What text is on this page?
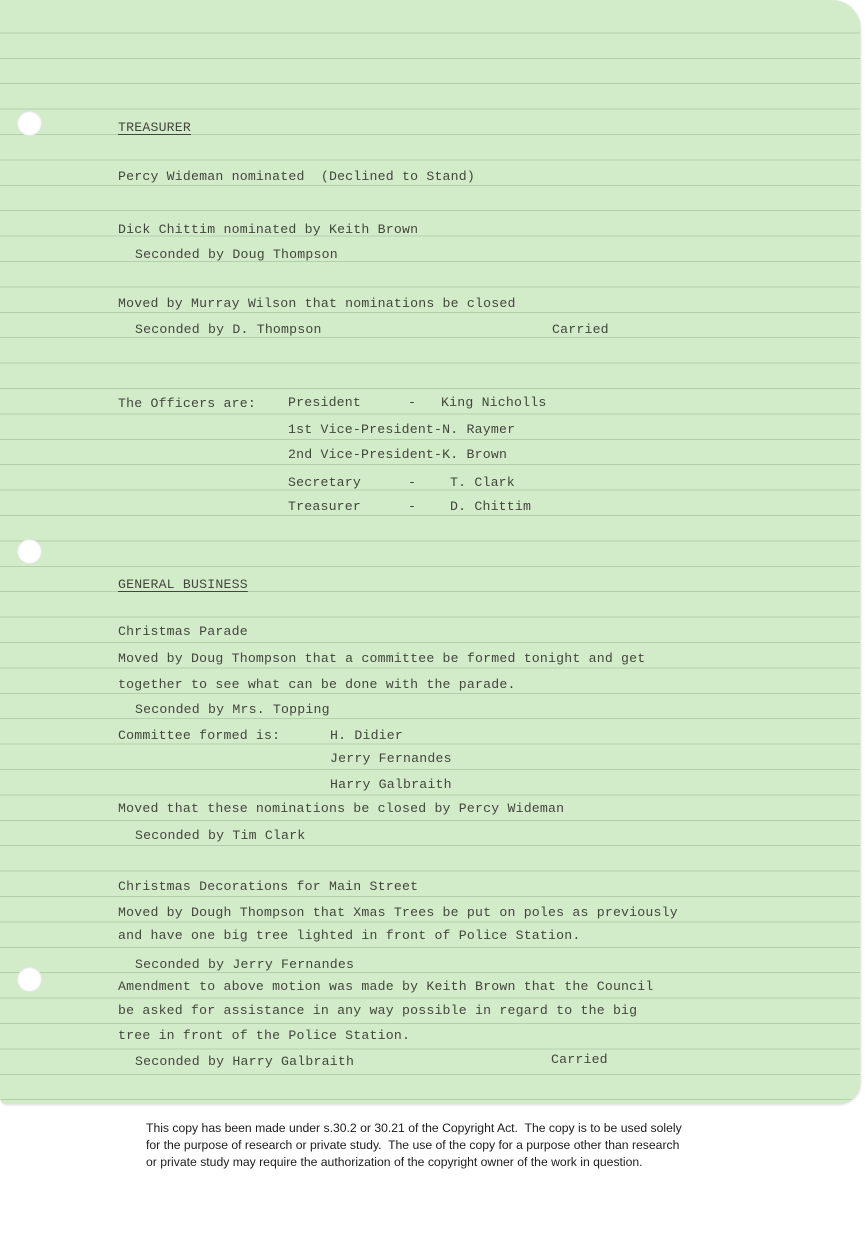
TREASURER
Percy Wideman nominated  (Declined to Stand)
Dick Chittim nominated by Keith Brown
Seconded by Doug Thompson
Moved by Murray Wilson that nominations be closed
Seconded by D. Thompson	Carried
The Officers are: President	- King Nicholls
1st Vice-President-N. Raymer
2nd Vice-President-K. Brown
Secretary	-	T. Clark
Treasurer	-	D. Chittim
GENERAL BUSINESS
Christmas Parade
Moved by Doug Thompson that a committee be formed tonight and get
together to see what can be done with the parade.
Seconded by Mrs. Topping
Committee formed is:	H. Didier
Jerry Fernandes
Harry Galbraith
Moved that these nominations be closed by Percy Wideman
Seconded by Tim Clark
Christmas Decorations for Main Street
Moved by Dough Thompson that Xmas Trees be put on poles as previously
and have one big tree lighted in front of Police Station.
Seconded by Jerry Fernandes
Amendment to above motion was made by Keith Brown that the Council
be asked for assistance in any way possible in regard to the big
tree in front of the Police Station.
Seconded by Harry Galbraith	Carried
This copy has been made under s.30.2 or 30.21 of the Copyright Act.  The copy is to be used solely
for the purpose of research or private study.  The use of the copy for a purpose other than research
or private study may require the authorization of the copyright owner of the work in question.
